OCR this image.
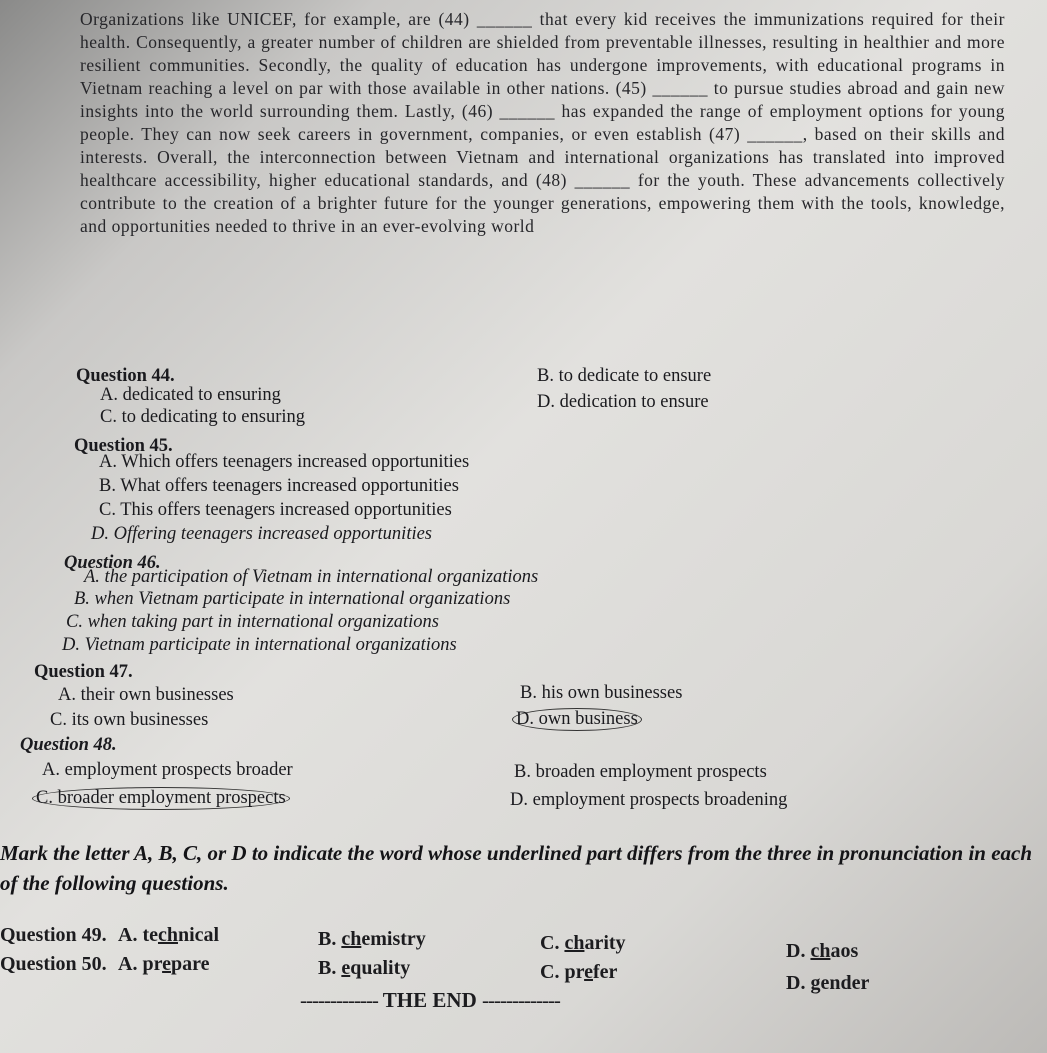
Organizations like UNICEF, for example, are (44) ______ that every kid receives the immunizations required for their health. Consequently, a greater number of children are shielded from preventable illnesses, resulting in healthier and more resilient communities. Secondly, the quality of education has undergone improvements, with educational programs in Vietnam reaching a level on par with those available in other nations. (45) ______ to pursue studies abroad and gain new insights into the world surrounding them. Lastly, (46) ______ has expanded the range of employment options for young people. They can now seek careers in government, companies, or even establish (47) ______, based on their skills and interests. Overall, the interconnection between Vietnam and international organizations has translated into improved healthcare accessibility, higher educational standards, and (48) ______ for the youth. These advancements collectively contribute to the creation of a brighter future for the younger generations, empowering them with the tools, knowledge, and opportunities needed to thrive in an ever-evolving world

Question 44.
A. dedicated to ensuring
B. to dedicate to ensure
C. to dedicating to ensuring
D. dedication to ensure
Question 45.
A. Which offers teenagers increased opportunities
B. What offers teenagers increased opportunities
C. This offers teenagers increased opportunities
D. Offering teenagers increased opportunities
Question 46.
A. the participation of Vietnam in international organizations
B. when Vietnam participate in international organizations
C. when taking part in international organizations
D. Vietnam participate in international organizations
Question 47.
A. their own businesses	B. his own businesses
C. its own businesses	D. own business
Question 48.
A. employment prospects broader	B. broaden employment prospects
C. broader employment prospects	D. employment prospects broadening
Mark the letter A, B, C, or D to indicate the word whose underlined part differs from the three in pronunciation in each of the following questions.
Question 49. A. technical	B. chemistry	C. charity	D. chaos
Question 50. A. prepare	B. equality	C. prefer	D. gender
------------- THE END -------------
